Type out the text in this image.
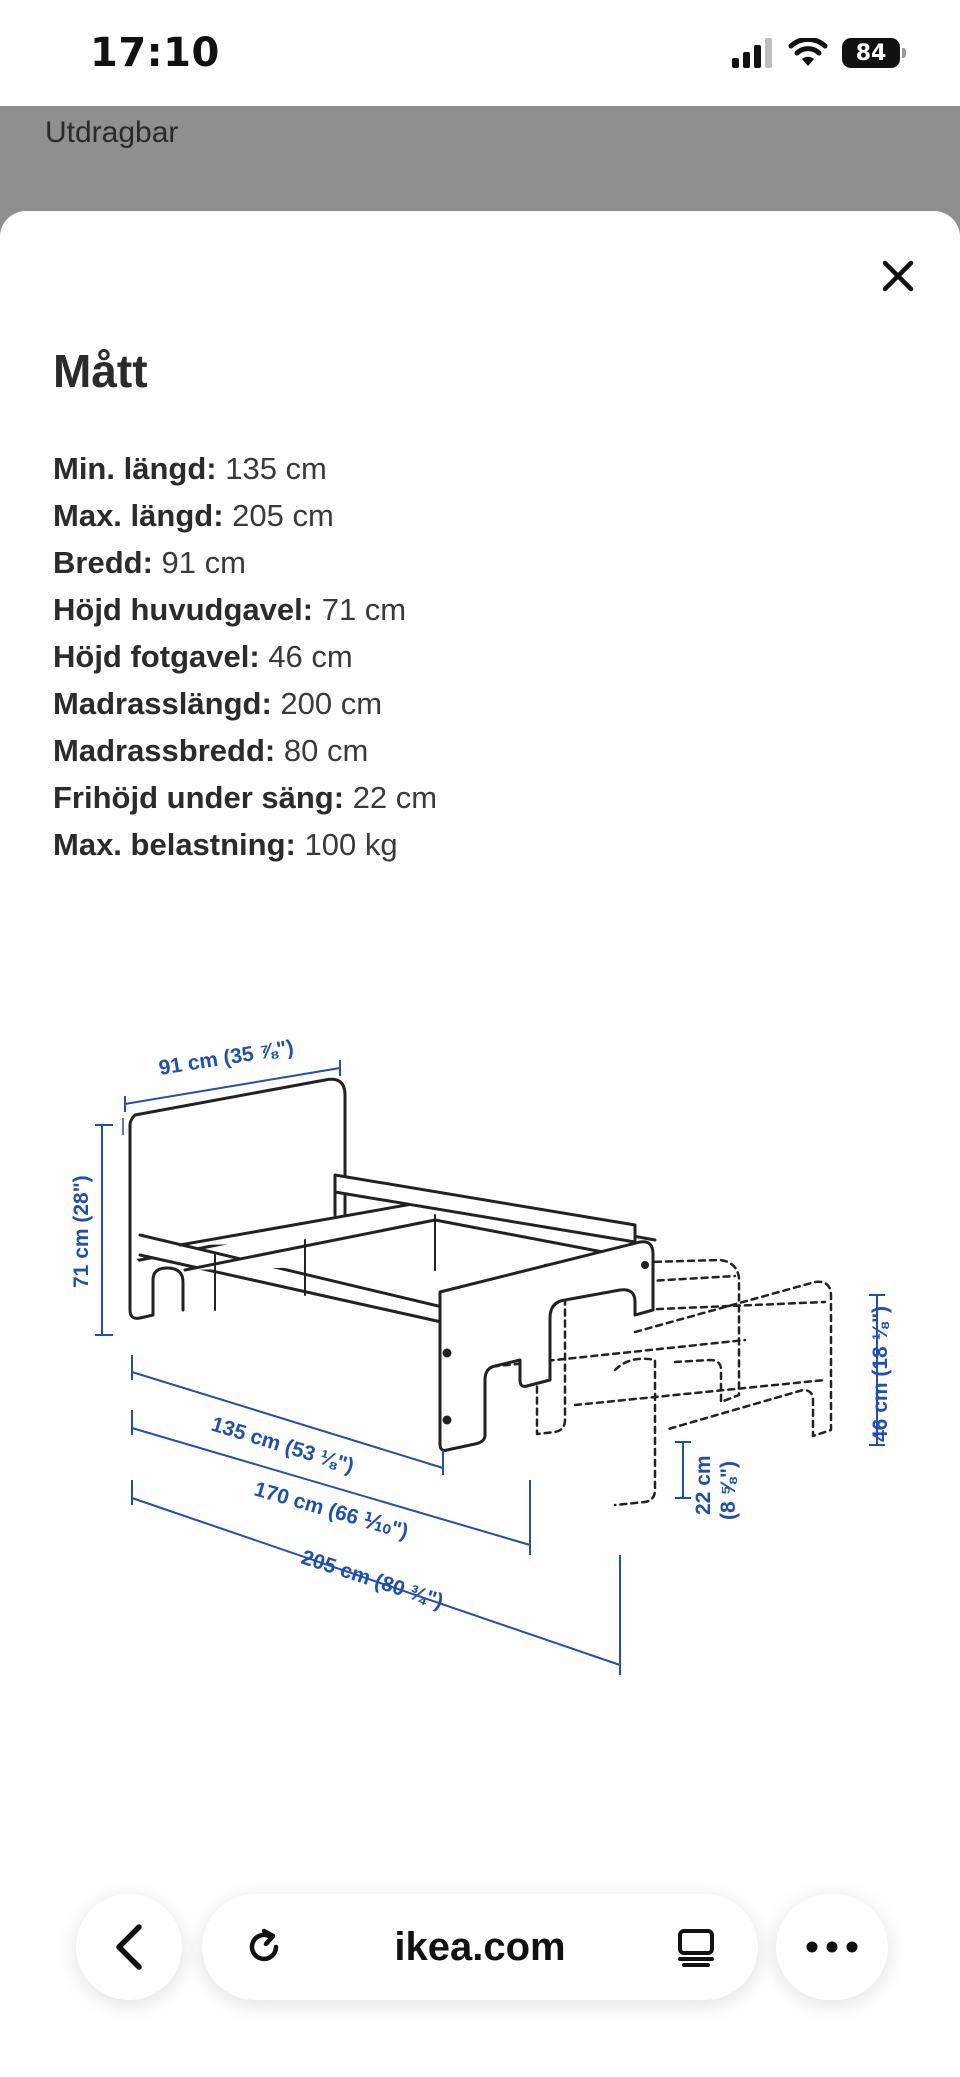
17:10	84
Utdragbar
Mått
Min. längd: 135 cm
Max. längd: 205 cm
Bredd: 91 cm
Höjd huvudgavel: 71 cm
Höjd fotgavel: 46 cm
Madrasslängd: 200 cm
Madrassbredd: 80 cm
Frihöjd under säng: 22 cm
Max. belastning: 100 kg
91 cm (35 ⅞")
71 cm (28")
135 cm (53 ⅛")
170 cm (66 ⅒")
205 cm (80 ¾")
22 cm (8 ⅝")
46 cm (18 ⅛")
ikea.com
